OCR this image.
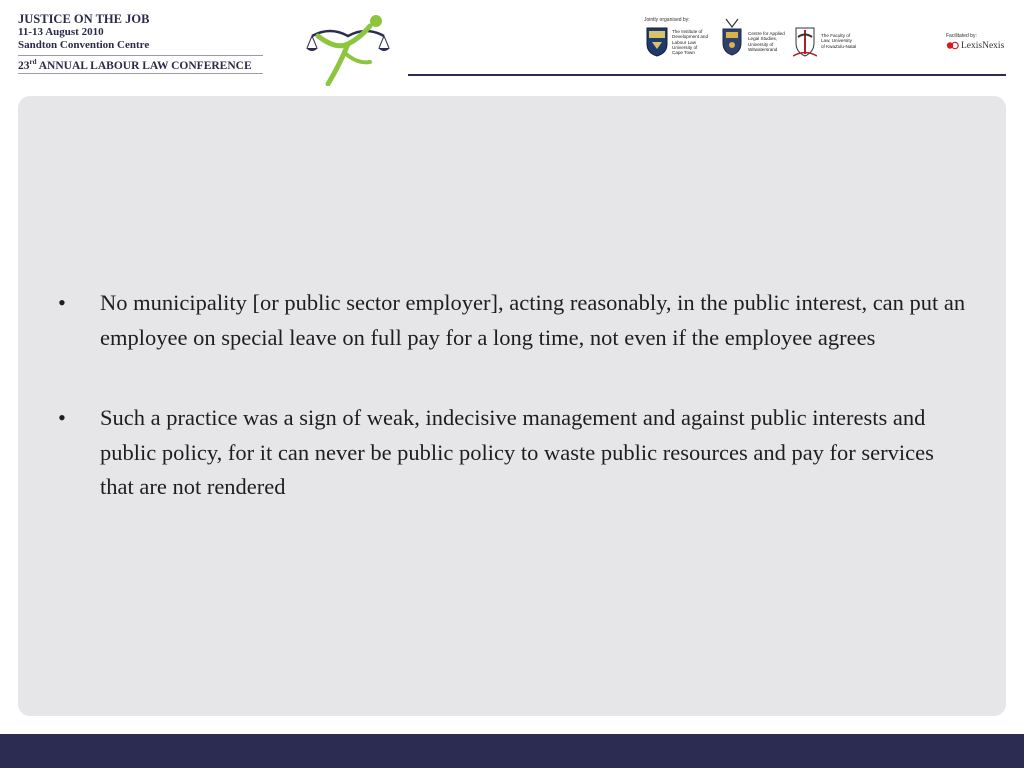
JUSTICE ON THE JOB
11-13 August 2010
Sandton Convention Centre
23rd ANNUAL LABOUR LAW CONFERENCE
Jointly organised by:
The Institute of
Development and
Labour Law
University of
Cape Town
Centre for Applied
Legal Studies,
University of
Witwatersrand
The Faculty of
Law, University
of KwaZulu-Natal
Facilitated by:
LexisNexis
• No municipality [or public sector employer], acting reasonably, in the public interest, can put an employee on special leave on full pay for a long time, not even if the employee agrees
• Such a practice was a sign of weak, indecisive management and against public interests and public policy, for it can never be public policy to waste public resources and pay for services that are not rendered
